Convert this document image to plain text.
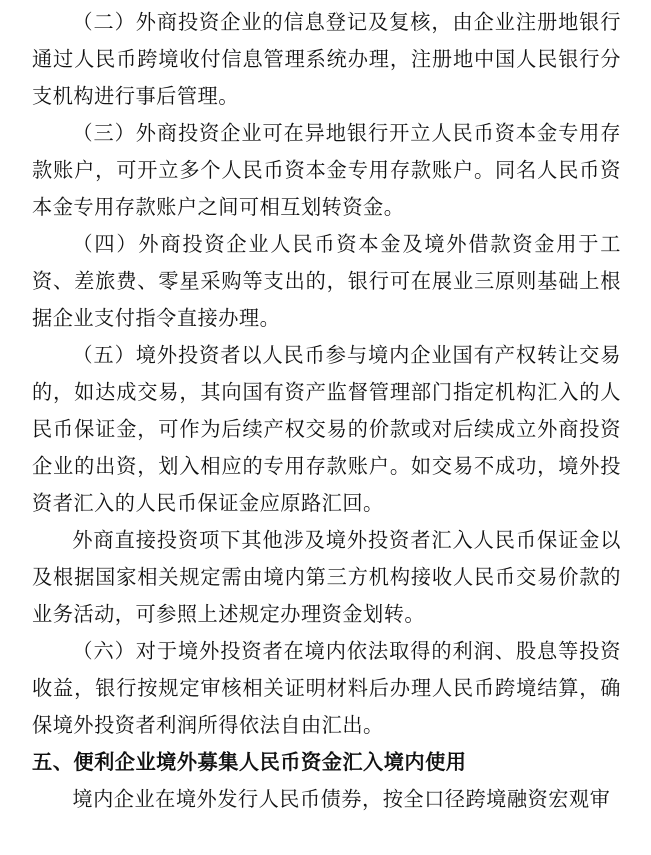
（二）外商投资企业的信息登记及复核，由企业注册地银行通过人民币跨境收付信息管理系统办理，注册地中国人民银行分支机构进行事后管理。

（三）外商投资企业可在异地银行开立人民币资本金专用存款账户，可开立多个人民币资本金专用存款账户。同名人民币资本金专用存款账户之间可相互划转资金。

（四）外商投资企业人民币资本金及境外借款资金用于工资、差旅费、零星采购等支出的，银行可在展业三原则基础上根据企业支付指令直接办理。

（五）境外投资者以人民币参与境内企业国有产权转让交易的，如达成交易，其向国有资产监督管理部门指定机构汇入的人民币保证金，可作为后续产权交易的价款或对后续成立外商投资企业的出资，划入相应的专用存款账户。如交易不成功，境外投资者汇入的人民币保证金应原路汇回。

外商直接投资项下其他涉及境外投资者汇入人民币保证金以及根据国家相关规定需由境内第三方机构接收人民币交易价款的业务活动，可参照上述规定办理资金划转。

（六）对于境外投资者在境内依法取得的利润、股息等投资收益，银行按规定审核相关证明材料后办理人民币跨境结算，确保境外投资者利润所得依法自由汇出。

五、便利企业境外募集人民币资金汇入境内使用

境内企业在境外发行人民币债券，按全口径跨境融资宏观审
